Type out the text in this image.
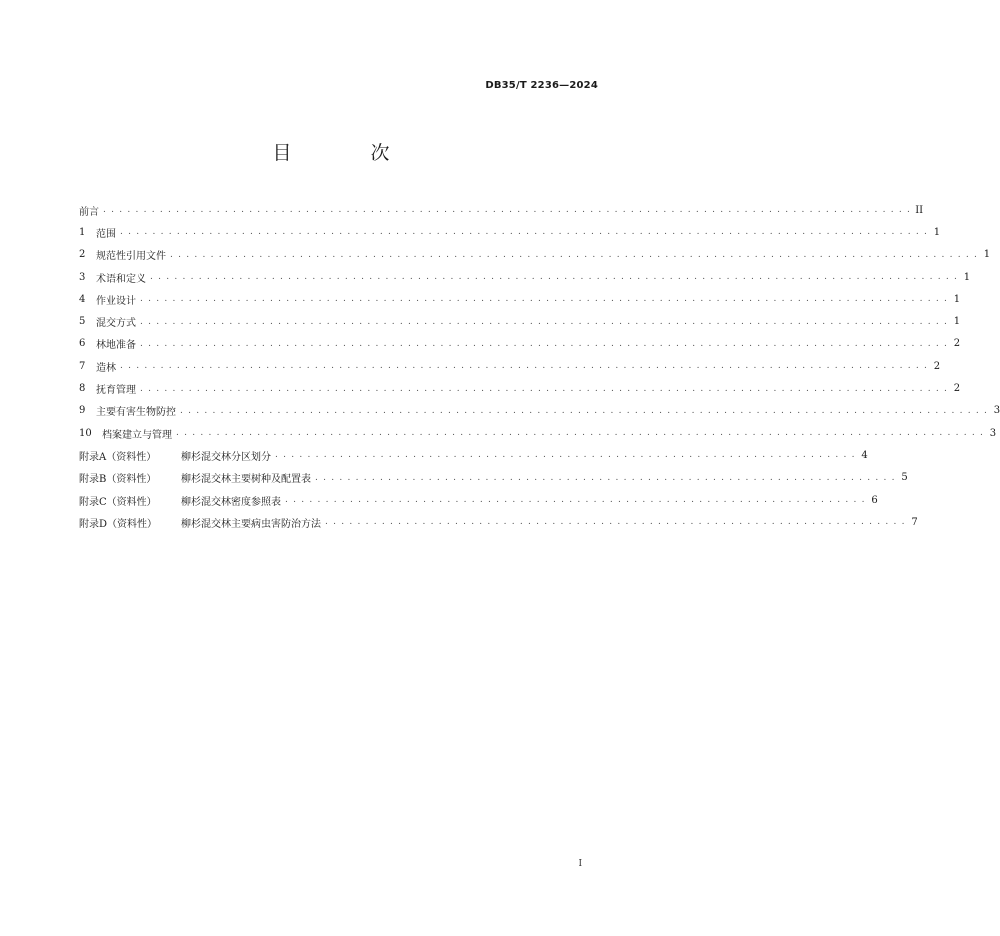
DB35/T 2236—2024
目　次
前言 . . . . . . . . . . . . . . . . . . . . . . . . . . . . . . . . . . . . . . . . . . . . . . . . . . . . . . . . . . . . . . . . . . . . . . . . . . . . . . . . . . . . . . . . . . . . . . . . . . . . II
1	范围 . . . . . . . . . . . . . . . . . . . . . . . . . . . . . . . . . . . . . . . . . . . . . . . . . . . . . . . . . . . . . . . . . . . . . . . . . . . . . . . . . . . . . . . . . . . . . . . . . . . . 1
2	规范性引用文件 . . . . . . . . . . . . . . . . . . . . . . . . . . . . . . . . . . . . . . . . . . . . . . . . . . . . . . . . . . . . . . . . . . . . . . . . . . . . . . . . . . . . . . . . . . . . . . . . . . . . 1
3	术语和定义 . . . . . . . . . . . . . . . . . . . . . . . . . . . . . . . . . . . . . . . . . . . . . . . . . . . . . . . . . . . . . . . . . . . . . . . . . . . . . . . . . . . . . . . . . . . . . . . . . . . . 1
4	作业设计 . . . . . . . . . . . . . . . . . . . . . . . . . . . . . . . . . . . . . . . . . . . . . . . . . . . . . . . . . . . . . . . . . . . . . . . . . . . . . . . . . . . . . . . . . . . . . . . . . . . . 1
5	混交方式 . . . . . . . . . . . . . . . . . . . . . . . . . . . . . . . . . . . . . . . . . . . . . . . . . . . . . . . . . . . . . . . . . . . . . . . . . . . . . . . . . . . . . . . . . . . . . . . . . . . . 1
6	林地准备 . . . . . . . . . . . . . . . . . . . . . . . . . . . . . . . . . . . . . . . . . . . . . . . . . . . . . . . . . . . . . . . . . . . . . . . . . . . . . . . . . . . . . . . . . . . . . . . . . . . . 2
7	造林 . . . . . . . . . . . . . . . . . . . . . . . . . . . . . . . . . . . . . . . . . . . . . . . . . . . . . . . . . . . . . . . . . . . . . . . . . . . . . . . . . . . . . . . . . . . . . . . . . . . . 2
8	抚育管理 . . . . . . . . . . . . . . . . . . . . . . . . . . . . . . . . . . . . . . . . . . . . . . . . . . . . . . . . . . . . . . . . . . . . . . . . . . . . . . . . . . . . . . . . . . . . . . . . . . . . 2
9	主要有害生物防控 . . . . . . . . . . . . . . . . . . . . . . . . . . . . . . . . . . . . . . . . . . . . . . . . . . . . . . . . . . . . . . . . . . . . . . . . . . . . . . . . . . . . . . . . . . . . . . . . . . . . 3
10	档案建立与管理 . . . . . . . . . . . . . . . . . . . . . . . . . . . . . . . . . . . . . . . . . . . . . . . . . . . . . . . . . . . . . . . . . . . . . . . . . . . . . . . . . . . . . . . . . . . . . . . . . . . . 3
附录A（资料性）	柳杉混交林分区划分 . . . . . . . . . . . . . . . . . . . . . . . . . . . . . . . . . . . . . . . . . . . . . . . . . . . . . . . . . . . . . . . . . . . . . . . . 4
附录B（资料性）	柳杉混交林主要树种及配置表 . . . . . . . . . . . . . . . . . . . . . . . . . . . . . . . . . . . . . . . . . . . . . . . . . . . . . . . . . . . . . . . . . . . . . . . . 5
附录C（资料性）	柳杉混交林密度参照表 . . . . . . . . . . . . . . . . . . . . . . . . . . . . . . . . . . . . . . . . . . . . . . . . . . . . . . . . . . . . . . . . . . . . . . . . 6
附录D（资料性）	柳杉混交林主要病虫害防治方法 . . . . . . . . . . . . . . . . . . . . . . . . . . . . . . . . . . . . . . . . . . . . . . . . . . . . . . . . . . . . . . . . . . . . . . . . 7
I
